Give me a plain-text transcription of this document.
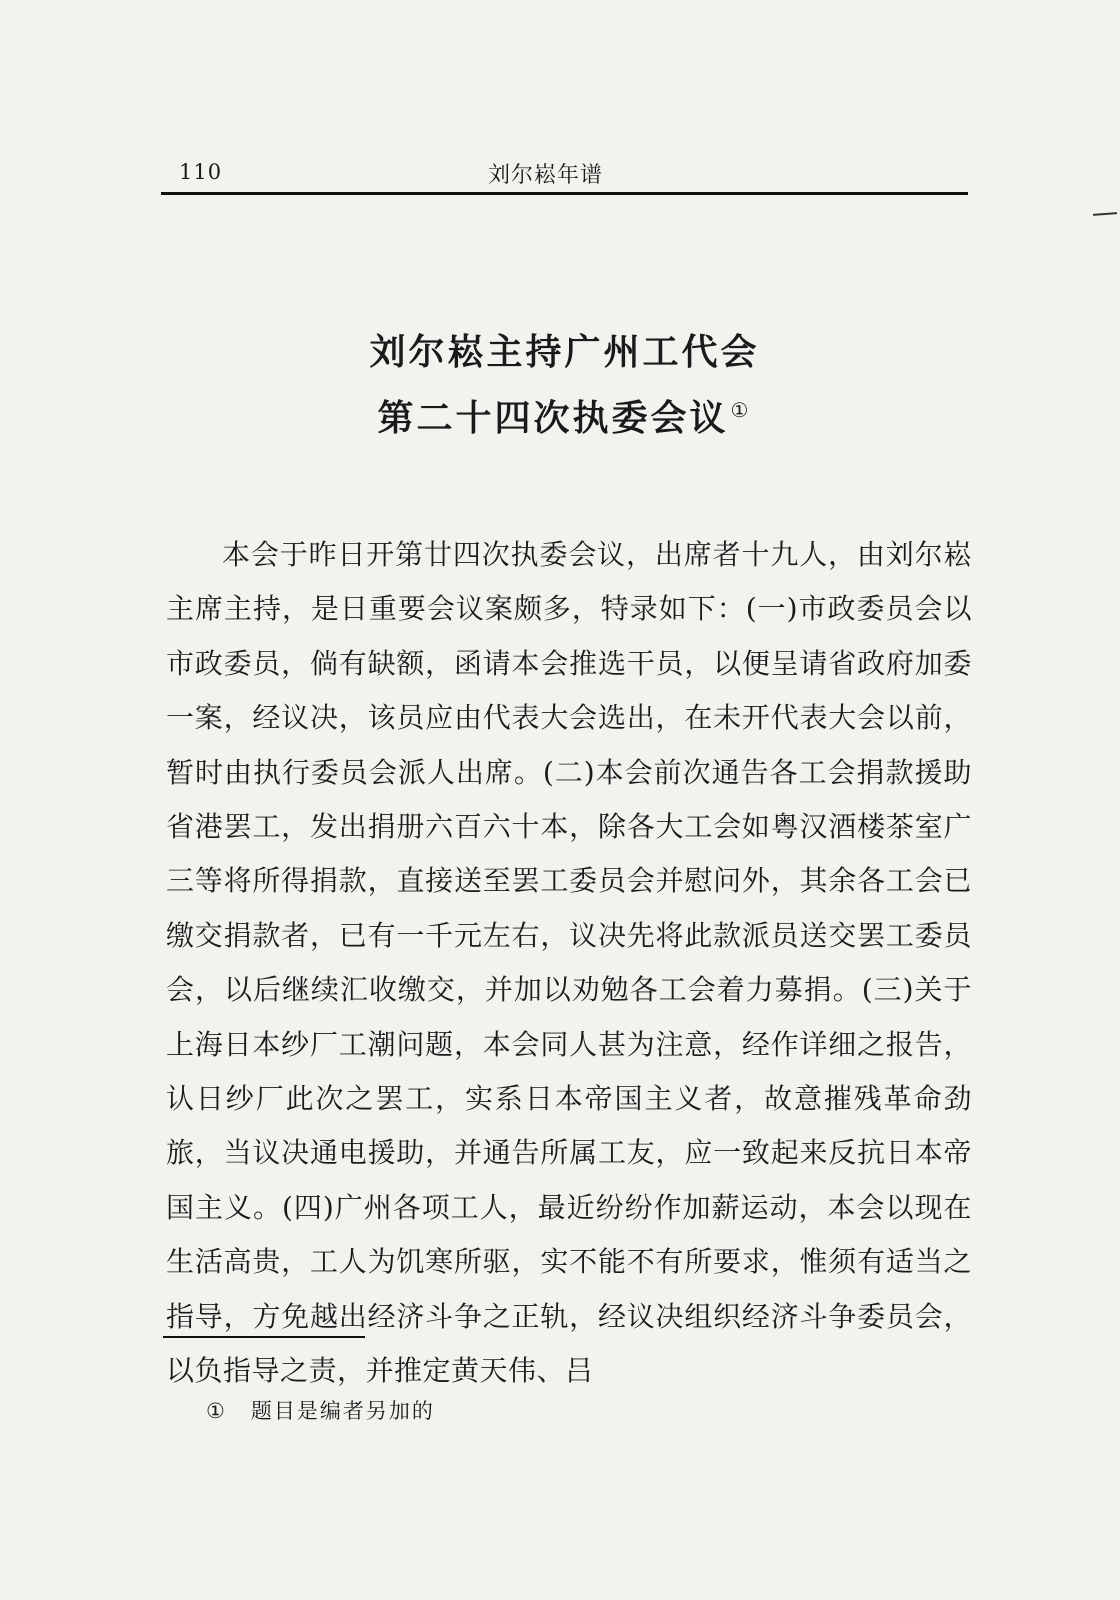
110	刘尔崧年谱
刘尔崧主持广州工代会
第二十四次执委会议 ①
本会于昨日开第廿四次执委会议，出席者十九人，由刘尔崧主席主持，是日重要会议案颇多，特录如下：(一)市政委员会以市政委员，倘有缺额，函请本会推选干员，以便呈请省政府加委一案，经议决，该员应由代表大会选出，在未开代表大会以前，暂时由执行委员会派人出席。(二)本会前次通告各工会捐款援助省港罢工，发出捐册六百六十本，除各大工会如粤汉酒楼茶室广三等将所得捐款，直接送至罢工委员会并慰问外，其余各工会已缴交捐款者，已有一千元左右，议决先将此款派员送交罢工委员会，以后继续汇收缴交，并加以劝勉各工会着力募捐。(三)关于上海日本纱厂工潮问题，本会同人甚为注意，经作详细之报告，认日纱厂此次之罢工，实系日本帝国主义者，故意摧残革命劲旅，当议决通电援助，并通告所属工友，应一致起来反抗日本帝国主义。(四)广州各项工人，最近纷纷作加薪运动，本会以现在生活高贵，工人为饥寒所驱，实不能不有所要求，惟须有适当之指导，方免越出经济斗争之正轨，经议决组织经济斗争委员会，以负指导之责，并推定黄天伟、吕
① 题目是编者另加的
